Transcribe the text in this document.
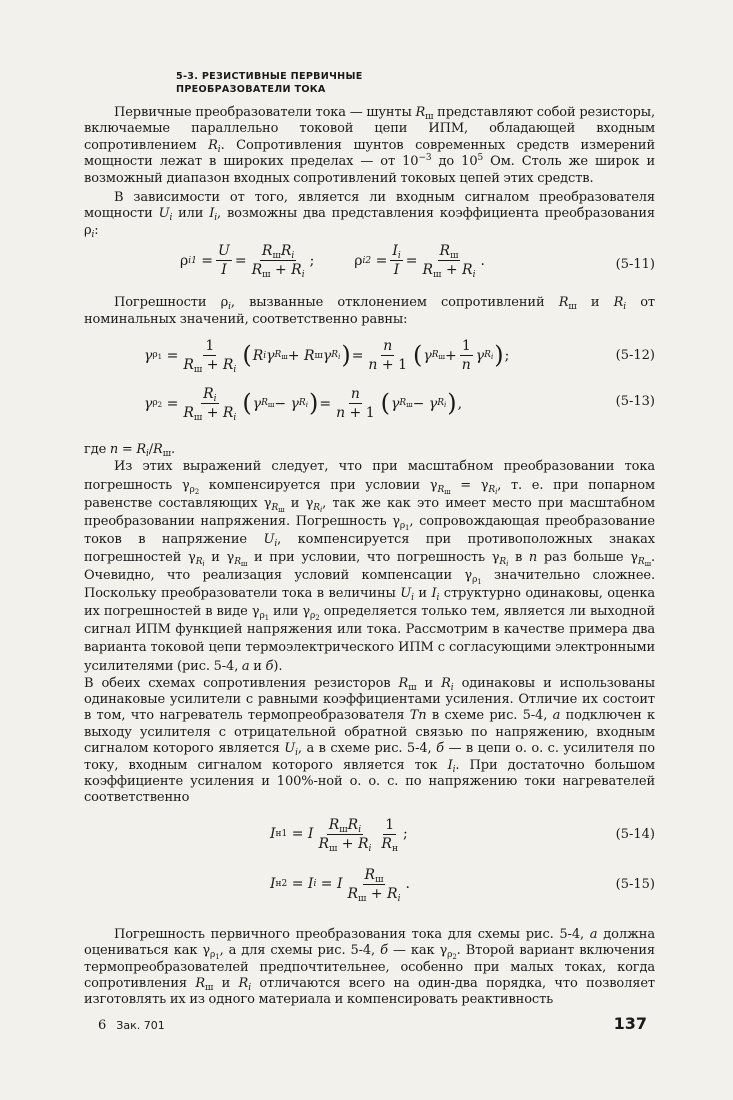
5-3. РЕЗИСТИВНЫЕ ПЕРВИЧНЫЕ
ПРЕОБРАЗОВАТЕЛИ ТОКА

Первичные преобразователи тока — шунты $R_ш$ представляют собой резисторы, включаемые параллельно токовой цепи ИПМ, обладающей входным сопротивлением $R_i$. Сопротивления шунтов современных средств измерений мощности лежат в широких пределах — от $10^{-3}$ до $10^5$ Ом. Столь же широк и возможный диапазон входных сопротивлений токовых цепей этих средств.

В зависимости от того, является ли входным сигналом преобразователя мощности $U_i$ или $I_i$, возможны два представления коэффициента преобразования $\rho_i$:

ρ $i1 = \frac{U}{I} = \frac{R_шR_i}{R_ш + R_i}$ ;	ρ $i2 = \frac{I_i}{I} = \frac{R_ш}{R_ш + R_i}$ .	(5-11)

Погрешности $\rho_i$, вызванные отклонением сопротивлений $R_ш$ и $R_i$ от номинальных значений, соответственно равны:

γ $\rho_1 = \frac{1}{R_ш + R_i}$ ( R i γ $R_ш + R$ ш γ $R_i$ ) = $\frac{n}{n + 1}$ ( γ $R_ш + \frac{1}{n}$ γ $R_i$ ) ;	(5-12)
γ $\rho_2 = \frac{R_i}{R_ш + R_i}$ ( γ $R_ш - \gamma$ $R_i$ ) = $\frac{n}{n + 1}$ ( γ $R_ш - \gamma$ $R_i$ ) ,	(5-13)

где $n = R_i/R_ш$.

Из этих выражений следует, что при масштабном преобразовании тока погрешность $\gamma_{\rho_2}$ компенсируется при условии $\gamma_{R_ш} = \gamma_{R_i}$, т. е. при попарном равенстве составляющих $\gamma_{R_ш}$ и $\gamma_{R_i}$, так же как это имеет место при масштабном преобразовании напряжения. Погрешность $\gamma_{\rho_1}$, сопровождающая преобразование токов в напряжение $U_i$, компенсируется при противоположных знаках погрешностей $\gamma_{R_i}$ и $\gamma_{R_ш}$ и при условии, что погрешность $\gamma_{R_i}$ в n раз больше $\gamma_{R_ш}$. Очевидно, что реализация условий компенсации $\gamma_{\rho_1}$ значительно сложнее. Поскольку преобразователи тока в величины $U_i$ и $I_i$ структурно одинаковы, оценка их погрешностей в виде $\gamma_{\rho_1}$ или $\gamma_{\rho_2}$ определяется только тем, является ли выходной сигнал ИПМ функцией напряжения или тока. Рассмотрим в качестве примера два варианта токовой цепи термоэлектрического ИПМ с согласующими электронными усилителями (рис. 5-4, а и б).

В обеих схемах сопротивления резисторов $R_ш$ и $R_i$ одинаковы и использованы одинаковые усилители с равными коэффициентами усиления. Отличие их состоит в том, что нагреватель термопреобразователя Тп в схеме рис. 5-4, а подключен к выходу усилителя с отрицательной обратной связью по напряжению, входным сигналом которого является $U_i$, а в схеме рис. 5-4, б — в цепи о. о. с. усилителя по току, входным сигналом которого является ток $I_i$. При достаточно большом коэффициенте усиления и 100%-ной о. о. с. по напряжению токи нагревателей соответственно

I н1 = I $\frac{R_шR_i}{R_ш + R_i} \frac{1}{R_н}$ ;	(5-14)
I н2 = I i = I $\frac{R_ш}{R_ш + R_i}$ .	(5-15)

Погрешность первичного преобразования тока для схемы рис. 5-4, а должна оцениваться как $\gamma_{\rho_1}$, а для схемы рис. 5-4, б — как $\gamma_{\rho_2}$. Второй вариант включения термопреобразователей предпочтительнее, особенно при малых токах, когда сопротивления $R_ш$ и $R_i$ отличаются всего на один-два порядка, что позволяет изготовлять их из одного материала и компенсировать реактивность

6 Зак. 701	137
